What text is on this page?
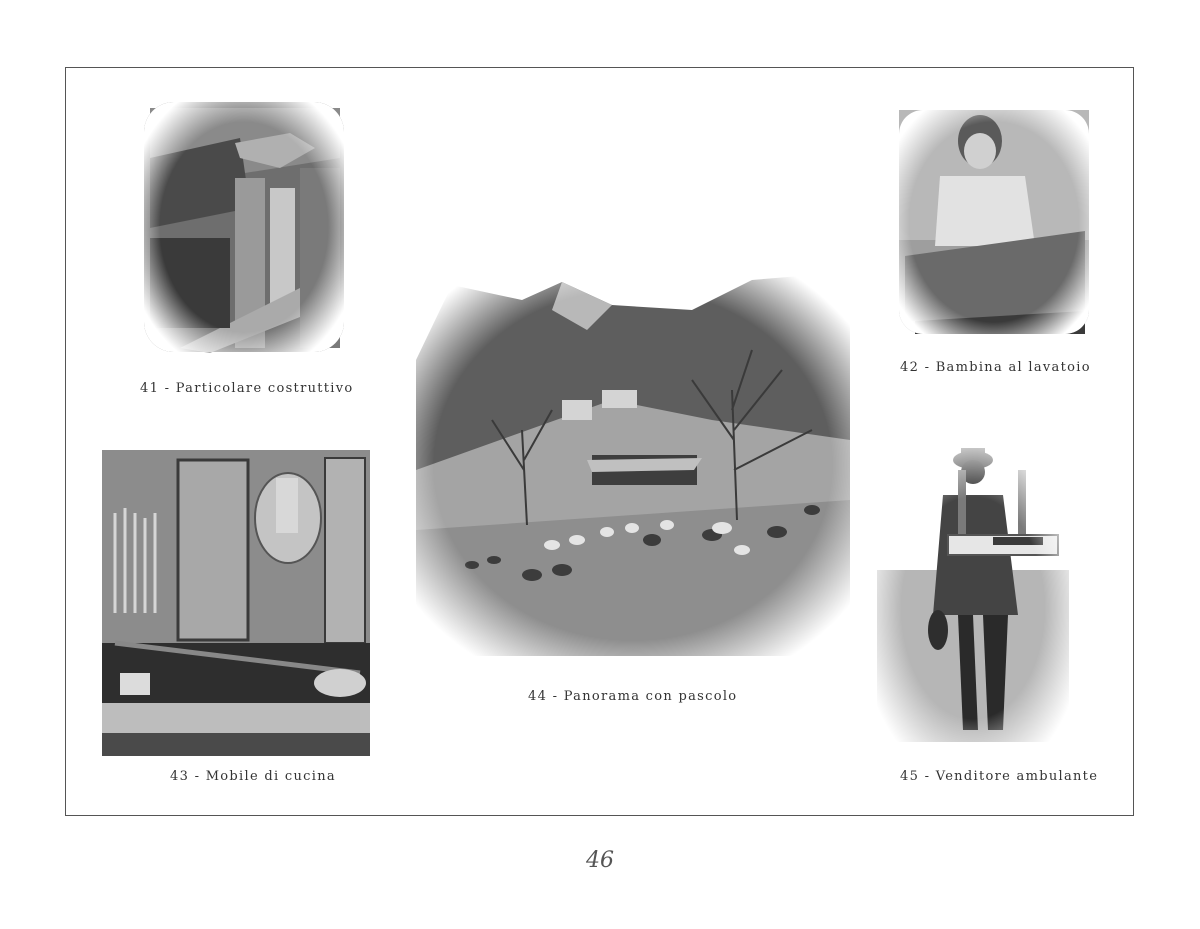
41 - Particolare costruttivo
42 - Bambina al lavatoio
43 - Mobile di cucina
44 - Panorama con pascolo
45 - Venditore ambulante
46
